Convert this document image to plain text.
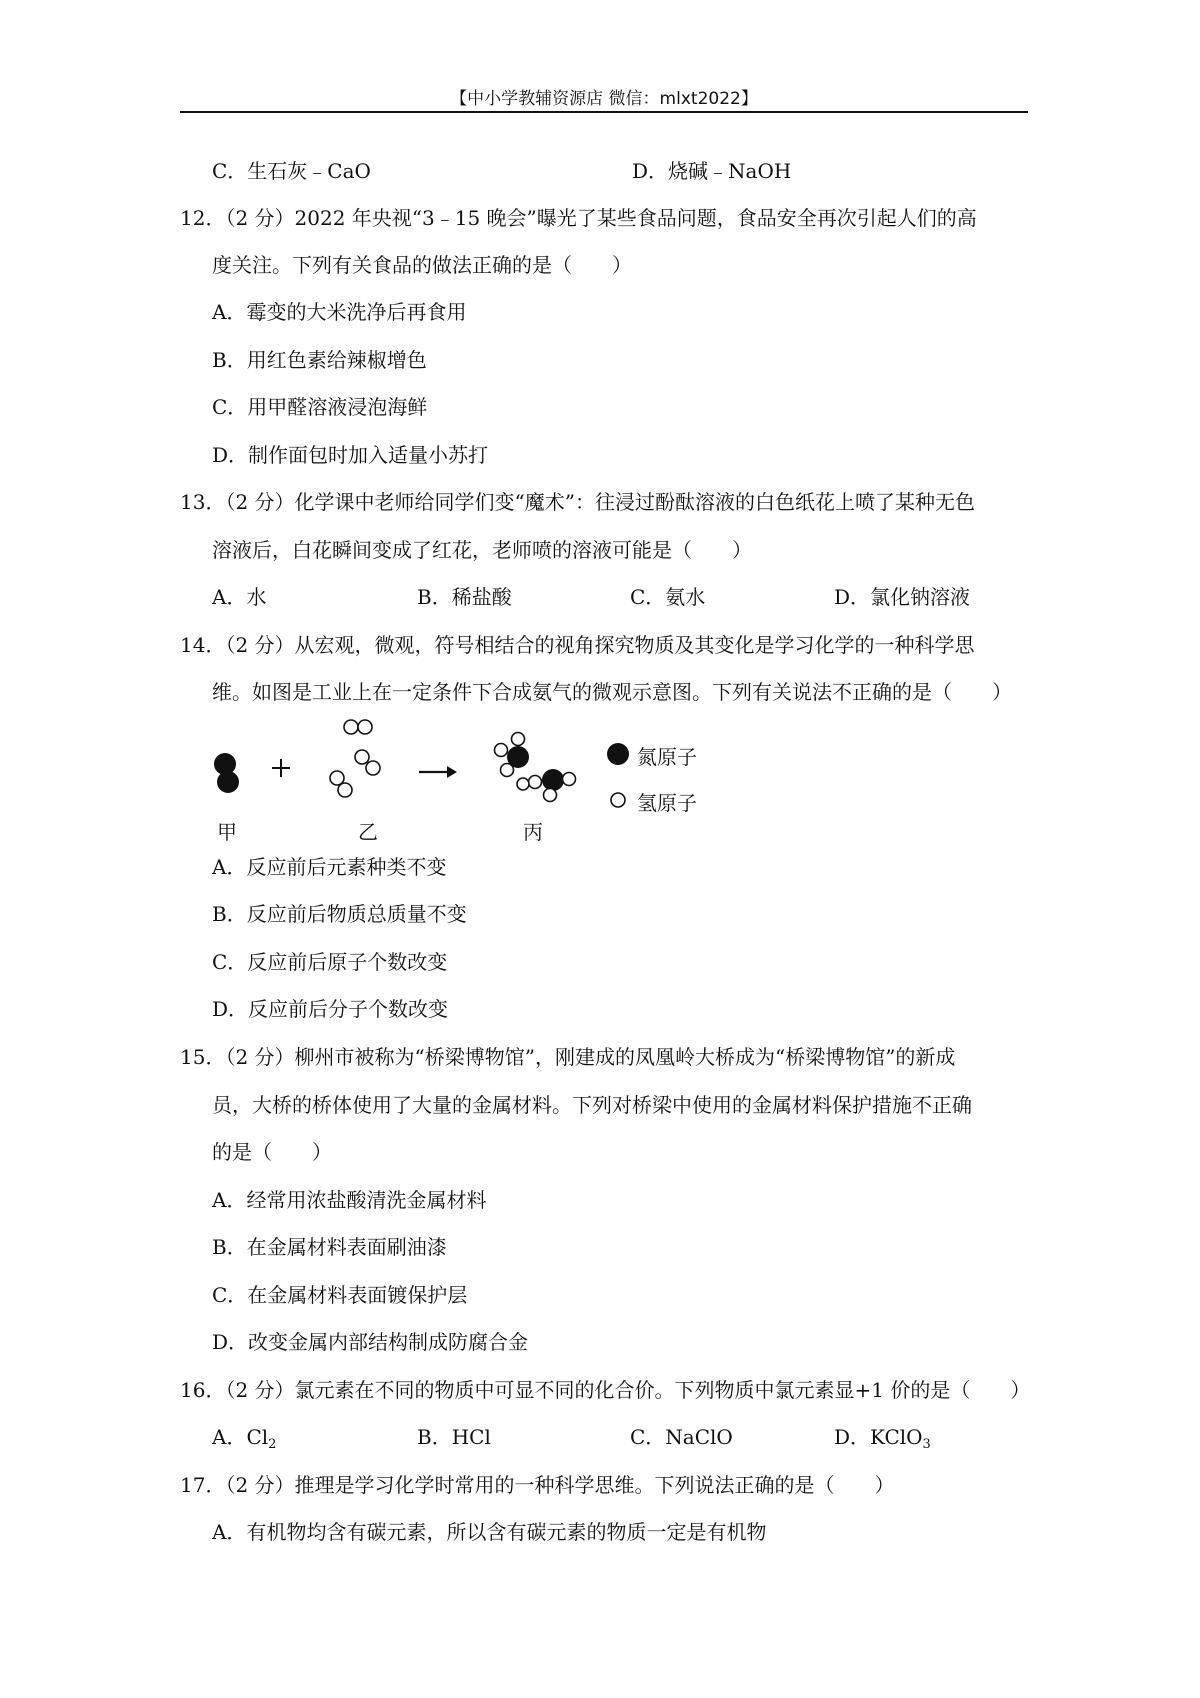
【中小学教辅资源店 微信：mlxt2022】
C．生石灰﹣CaO	D．烧碱﹣NaOH
12．（2 分）2022 年央视“3﹣15 晚会”曝光了某些食品问题，食品安全再次引起人们的高
度关注。下列有关食品的做法正确的是（　　）
A．霉变的大米洗净后再食用
B．用红色素给辣椒增色
C．用甲醛溶液浸泡海鲜
D．制作面包时加入适量小苏打
13．（2 分）化学课中老师给同学们变“魔术”：往浸过酚酞溶液的白色纸花上喷了某种无色
溶液后，白花瞬间变成了红花，老师喷的溶液可能是（　　）
A．水	B．稀盐酸	C．氨水	D．氯化钠溶液
14．（2 分）从宏观，微观，符号相结合的视角探究物质及其变化是学习化学的一种科学思
维。如图是工业上在一定条件下合成氨气的微观示意图。下列有关说法不正确的是（　　）
甲	乙	丙
氮原子
氢原子
A．反应前后元素种类不变
B．反应前后物质总质量不变
C．反应前后原子个数改变
D．反应前后分子个数改变
15．（2 分）柳州市被称为“桥梁博物馆”，刚建成的凤凰岭大桥成为“桥梁博物馆”的新成
员，大桥的桥体使用了大量的金属材料。下列对桥梁中使用的金属材料保护措施不正确
的是（　　）
A．经常用浓盐酸清洗金属材料
B．在金属材料表面刷油漆
C．在金属材料表面镀保护层
D．改变金属内部结构制成防腐合金
16．（2 分）氯元素在不同的物质中可显不同的化合价。下列物质中氯元素显+1 价的是（　　）
A．$Cl_2$	B．HCl	C．NaClO	D．KClO$_3$
17．（2 分）推理是学习化学时常用的一种科学思维。下列说法正确的是（　　）
A．有机物均含有碳元素，所以含有碳元素的物质一定是有机物
